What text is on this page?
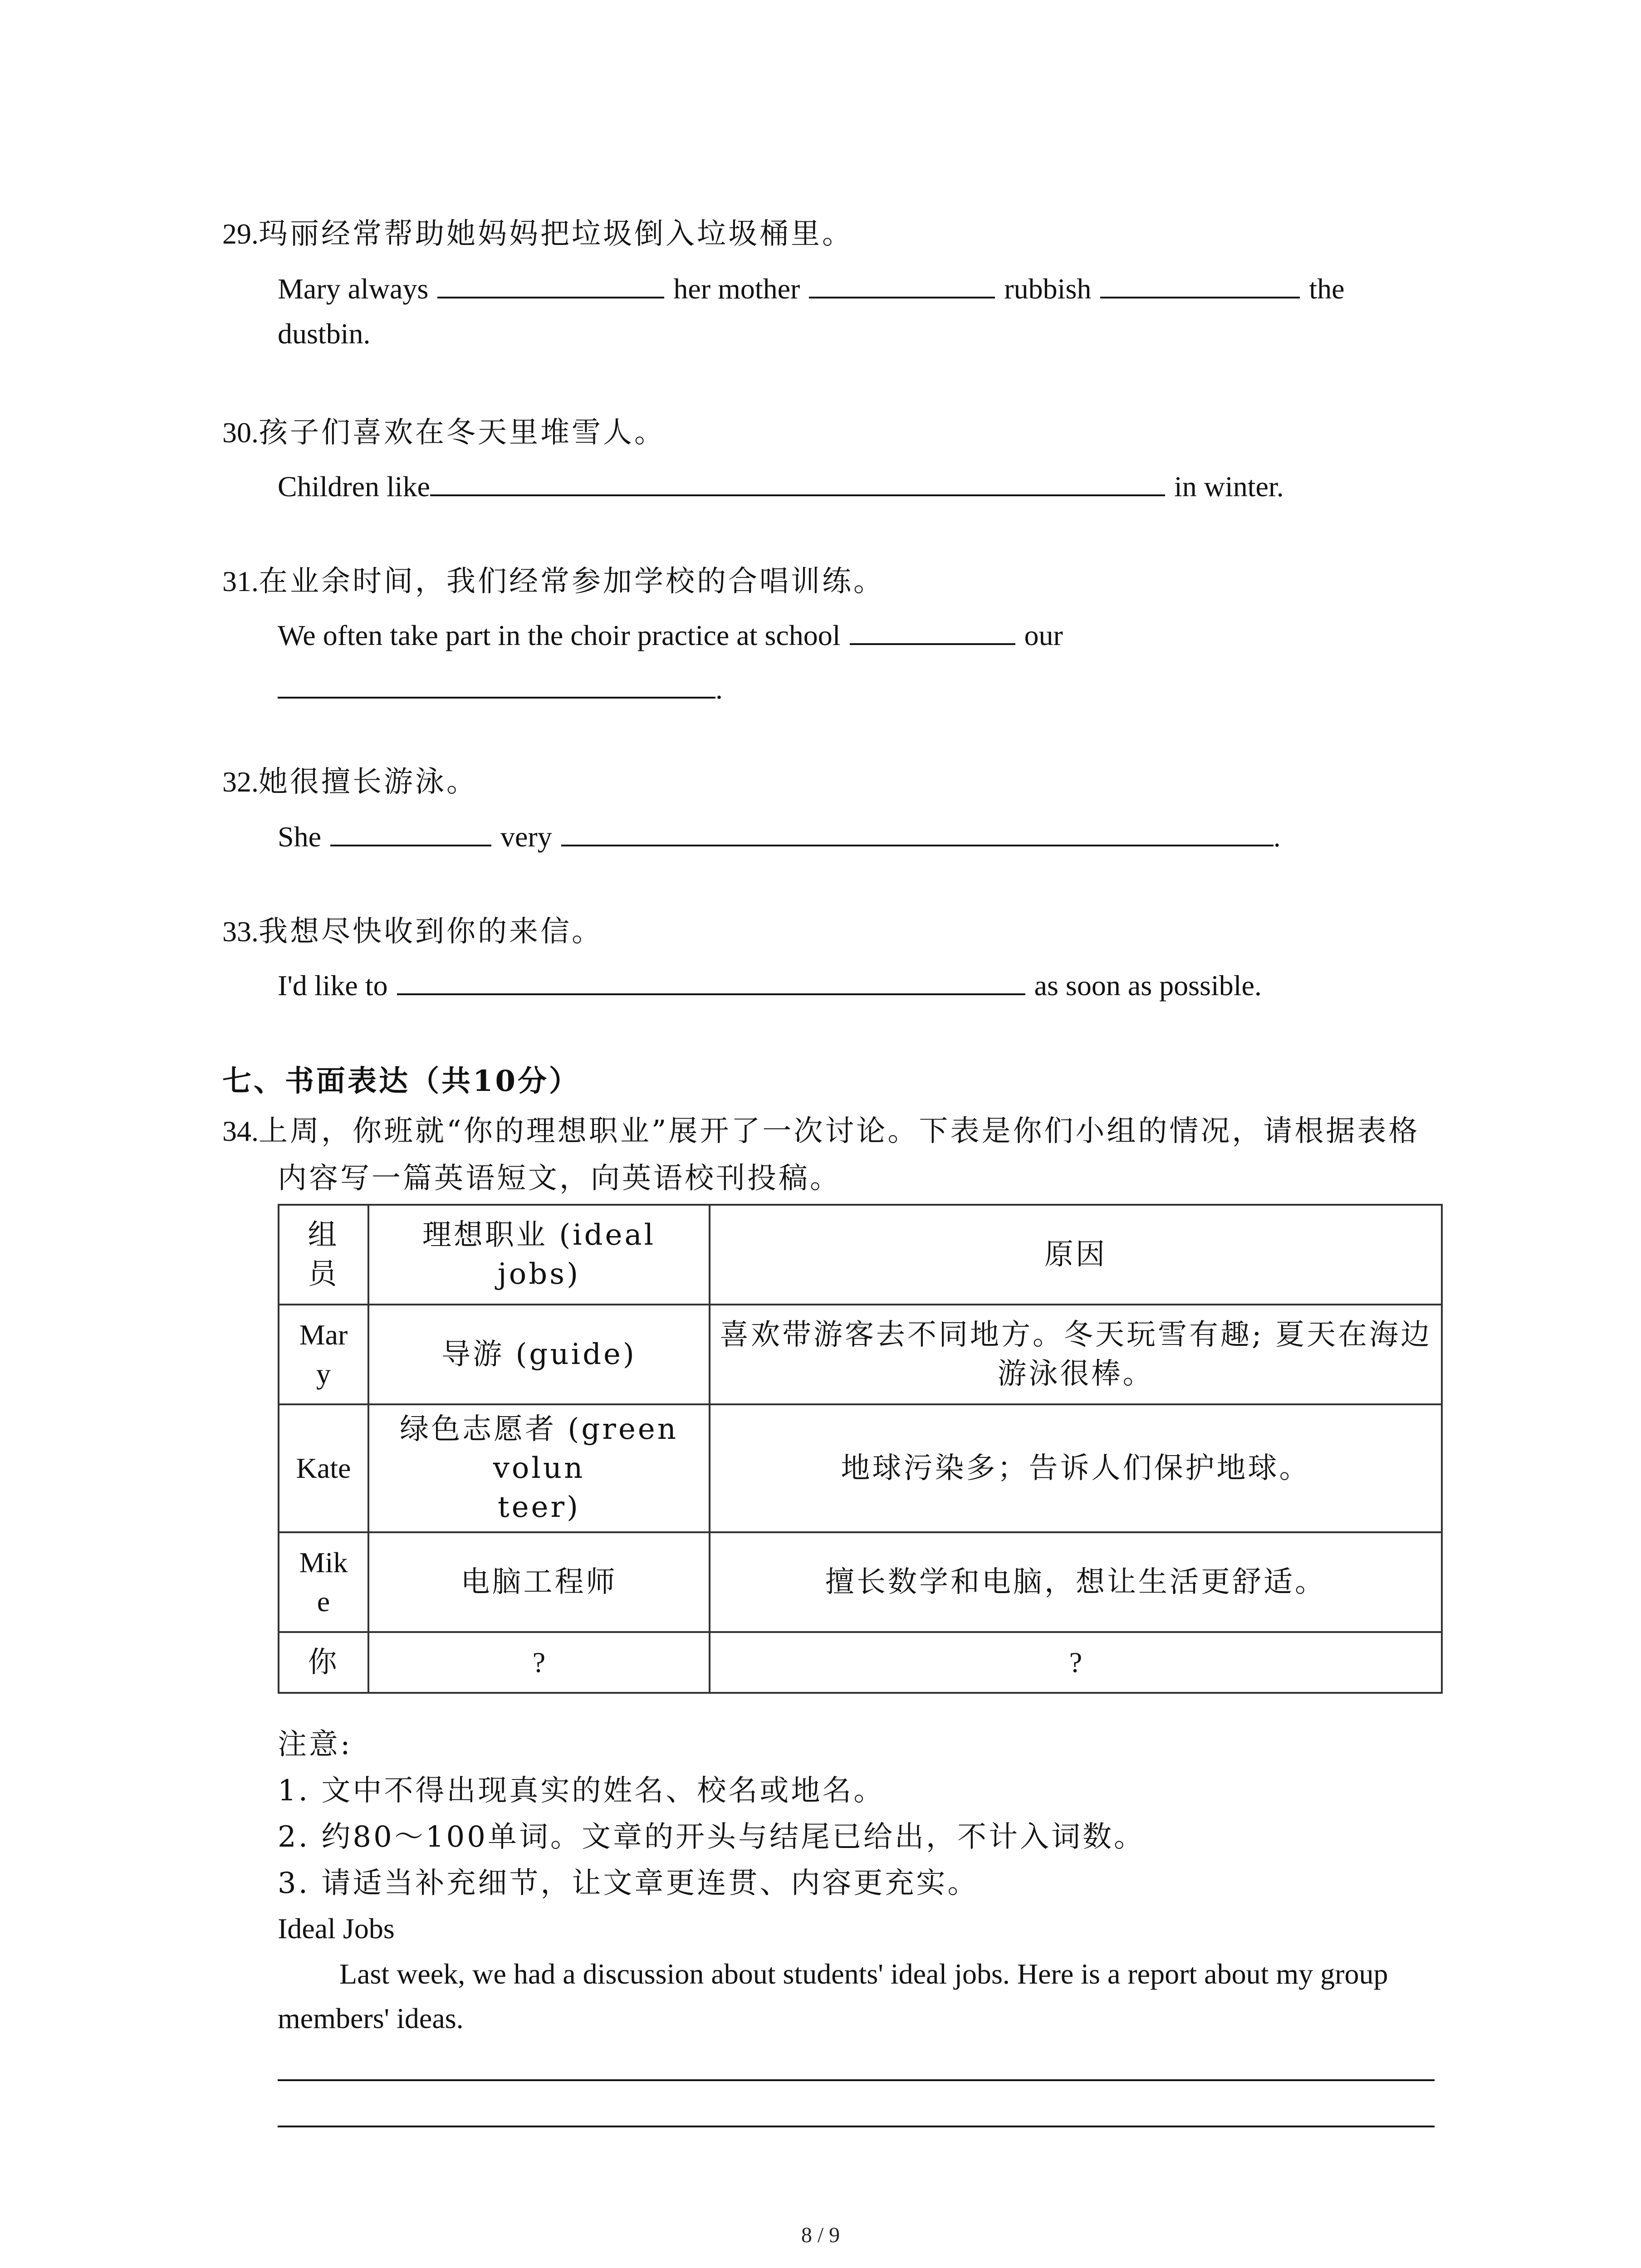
29.玛丽经常帮助她妈妈把垃圾倒入垃圾桶里。
Mary always	her mother	rubbish	the
dustbin.
30.孩子们喜欢在冬天里堆雪人。
Children like	in winter.
31.在业余时间，我们经常参加学校的合唱训练。
We often take part in the choir practice at school	our
.
32.她很擅长游泳。
She	very	.
33.我想尽快收到你的来信。
I'd like to	as soon as possible.
七、书面表达（共10分）
34.上周，你班就“你的理想职业”展开了一次讨论。下表是你们小组的情况，请根据表格
内容写一篇英语短文，向英语校刊投稿。
组
员	理想职业 (ideal jobs)	原因
Mar
y	导游 (guide)	喜欢带游客去不同地方。冬天玩雪有趣; 夏天在海边
游泳很棒。
Kate	绿色志愿者 (green volun
teer)	地球污染多；告诉人们保护地球。
Mik
e	电脑工程师	擅长数学和电脑，想让生活更舒适。
你	?	?
注意:
1. 文中不得出现真实的姓名、校名或地名。
2. 约80～100单词。文章的开头与结尾已给出，不计入词数。
3. 请适当补充细节，让文章更连贯、内容更充实。
Ideal Jobs
Last week, we had a discussion about students' ideal jobs. Here is a report about my group
members' ideas.
8 / 9
